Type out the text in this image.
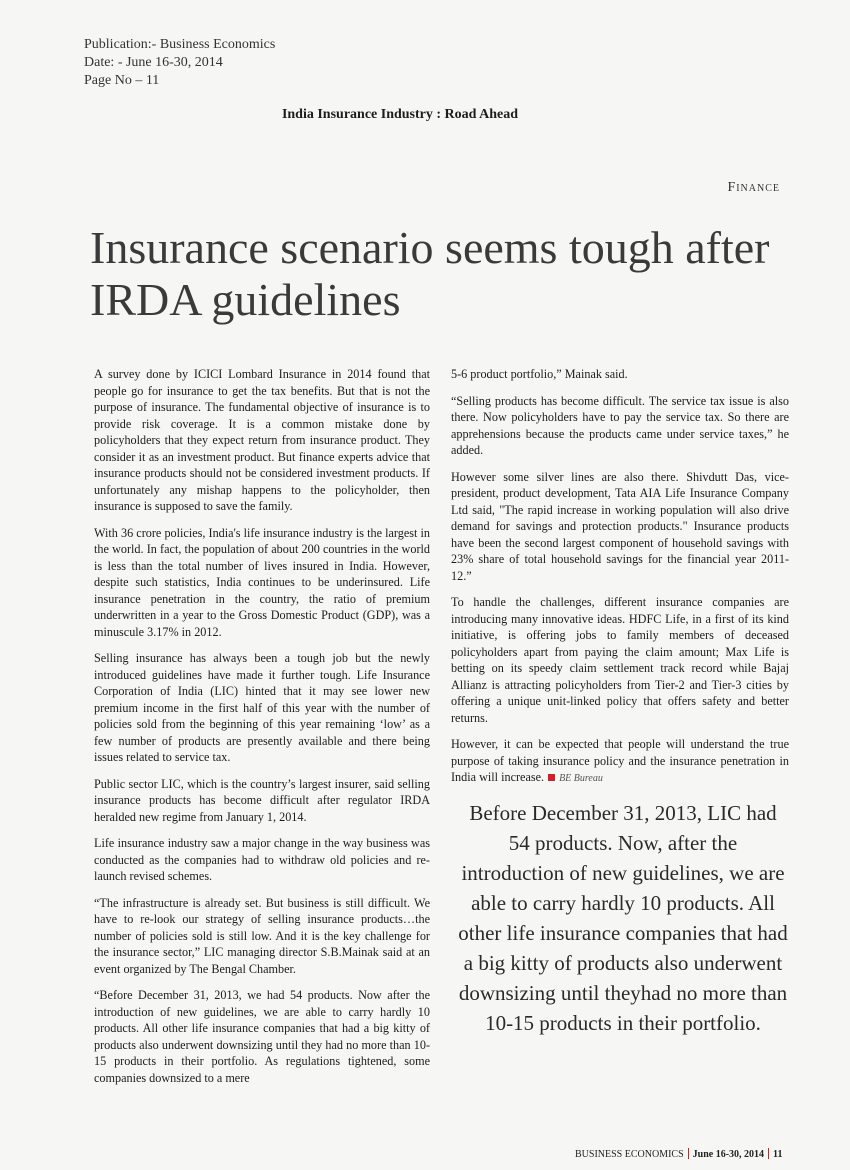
Publication:- Business Economics
Date: - June 16-30, 2014
Page No – 11
India Insurance Industry : Road Ahead
Finance
Insurance scenario seems tough after IRDA guidelines

A survey done by ICICI Lombard Insurance in 2014 found that people go for insurance to get the tax benefits. But that is not the purpose of insurance. The fundamental objective of insurance is to provide risk coverage. It is a common mistake done by policyholders that they expect return from insurance product. They consider it as an investment product. But finance experts advice that insurance products should not be considered investment products. If unfortunately any mishap happens to the policyholder, then insurance is supposed to save the family.

With 36 crore policies, India's life insurance industry is the largest in the world. In fact, the population of about 200 countries in the world is less than the total number of lives insured in India. However, despite such statistics, India continues to be underinsured. Life insurance penetration in the country, the ratio of premium underwritten in a year to the Gross Domestic Product (GDP), was a minuscule 3.17% in 2012.

Selling insurance has always been a tough job but the newly introduced guidelines have made it further tough. Life Insurance Corporation of India (LIC) hinted that it may see lower new premium income in the first half of this year with the number of policies sold from the beginning of this year remaining ‘low’ as a few number of products are presently available and there being issues related to service tax.

Public sector LIC, which is the country’s largest insurer, said selling insurance products has become difficult after regulator IRDA heralded new regime from January 1, 2014.

Life insurance industry saw a major change in the way business was conducted as the companies had to withdraw old policies and re-launch revised schemes.

“The infrastructure is already set. But business is still difficult. We have to re-look our strategy of selling insurance products…the number of policies sold is still low. And it is the key challenge for the insurance sector,” LIC managing director S.B.Mainak said at an event organized by The Bengal Chamber.

“Before December 31, 2013, we had 54 products. Now after the introduction of new guidelines, we are able to carry hardly 10 products. All other life insurance companies that had a big kitty of products also underwent downsizing until they had no more than 10-15 products in their portfolio. As regulations tightened, some companies downsized to a mere

5-6 product portfolio,” Mainak said.

“Selling products has become difficult. The service tax issue is also there. Now policyholders have to pay the service tax. So there are apprehensions because the products came under service taxes,” he added.

However some silver lines are also there. Shivdutt Das, vice-president, product development, Tata AIA Life Insurance Company Ltd said, "The rapid increase in working population will also drive demand for savings and protection products." Insurance products have been the second largest component of household savings with 23% share of total household savings for the financial year 2011-12.”

To handle the challenges, different insurance companies are introducing many innovative ideas. HDFC Life, in a first of its kind initiative, is offering jobs to family members of deceased policyholders apart from paying the claim amount; Max Life is betting on its speedy claim settlement track record while Bajaj Allianz is attracting policyholders from Tier-2 and Tier-3 cities by offering a unique unit-linked policy that offers safety and better returns.

However, it can be expected that people will understand the true purpose of taking insurance policy and the insurance penetration in India will increase. BE Bureau

Before December 31, 2013, LIC had 54 products. Now, after the introduction of new guidelines, we are able to carry hardly 10 products. All other life insurance companies that had a big kitty of products also underwent downsizing until theyhad no more than 10-15 products in their portfolio.
BUSINESS ECONOMICS June 16-30, 2014 11
